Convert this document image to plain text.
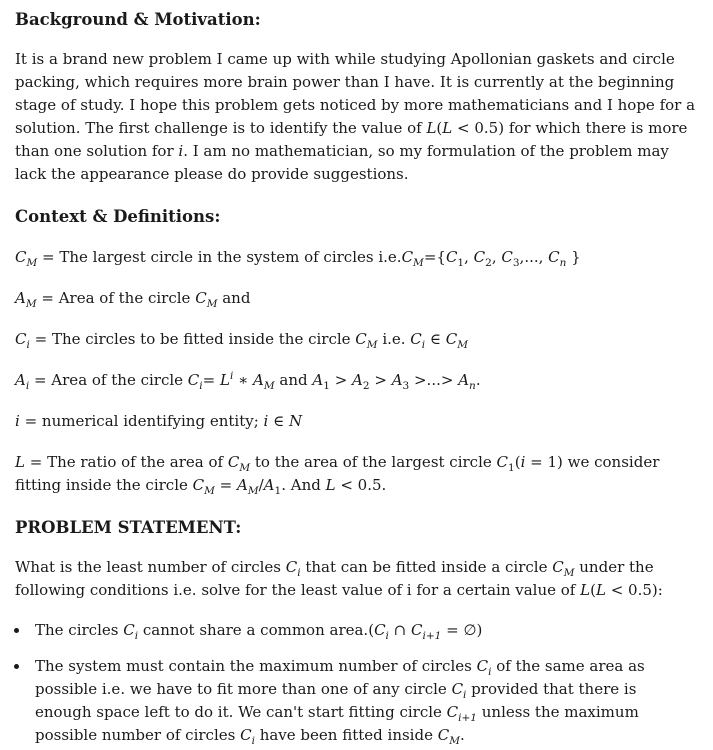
Background & Motivation:

It is a brand new problem I came up with while studying Apollonian gaskets and circle packing, which requires more brain power than I have. It is currently at the beginning stage of study. I hope this problem gets noticed by more mathematicians and I hope for a solution. The first challenge is to identify the value of L(L < 0.5) for which there is more than one solution for i. I am no mathematician, so my formulation of the problem may lack the appearance please do provide suggestions.

Context & Definitions:

$C_M$ = The largest circle in the system of circles $i.e.C_M=\{C_1$, $C_2$, $C_3$,..., $C_n$ }

$A_M$ = Area of the circle $C_M$ and

$C_i$ = The circles to be fitted inside the circle $C_M$ i.e. $C_i$ ∈ $C_M$

$A_i$ = Area of the circle $C_i= L^i$ ∗ $A_M$ and $A_1 > A_2 > A_3$ >...> $A_n$.

i = numerical identifying entity; i ∈ N

L = The ratio of the area of $C_M$ to the area of the largest circle $C_1(i = 1)$ we consider fitting inside the circle $C_M = A_M/A_1$. And L < 0.5.

PROBLEM STATEMENT:

What is the least number of circles $C_i$ that can be fitted inside a circle $C_M$ under the following conditions i.e. solve for the least value of i for a certain value of L(L < 0.5):

• The circles $C_i$ cannot share a common $area.(C_i$ ∩ $C_{i+1}$ = ∅)
• The system must contain the maximum number of circles $C_i$ of the same area as possible i.e. we have to fit more than one of any circle $C_i$ provided that there is enough space left to do it. We can't start fitting circle $C_{i+1}$ unless the maximum possible number of circles $C_i$ have been fitted inside $C_M$.
